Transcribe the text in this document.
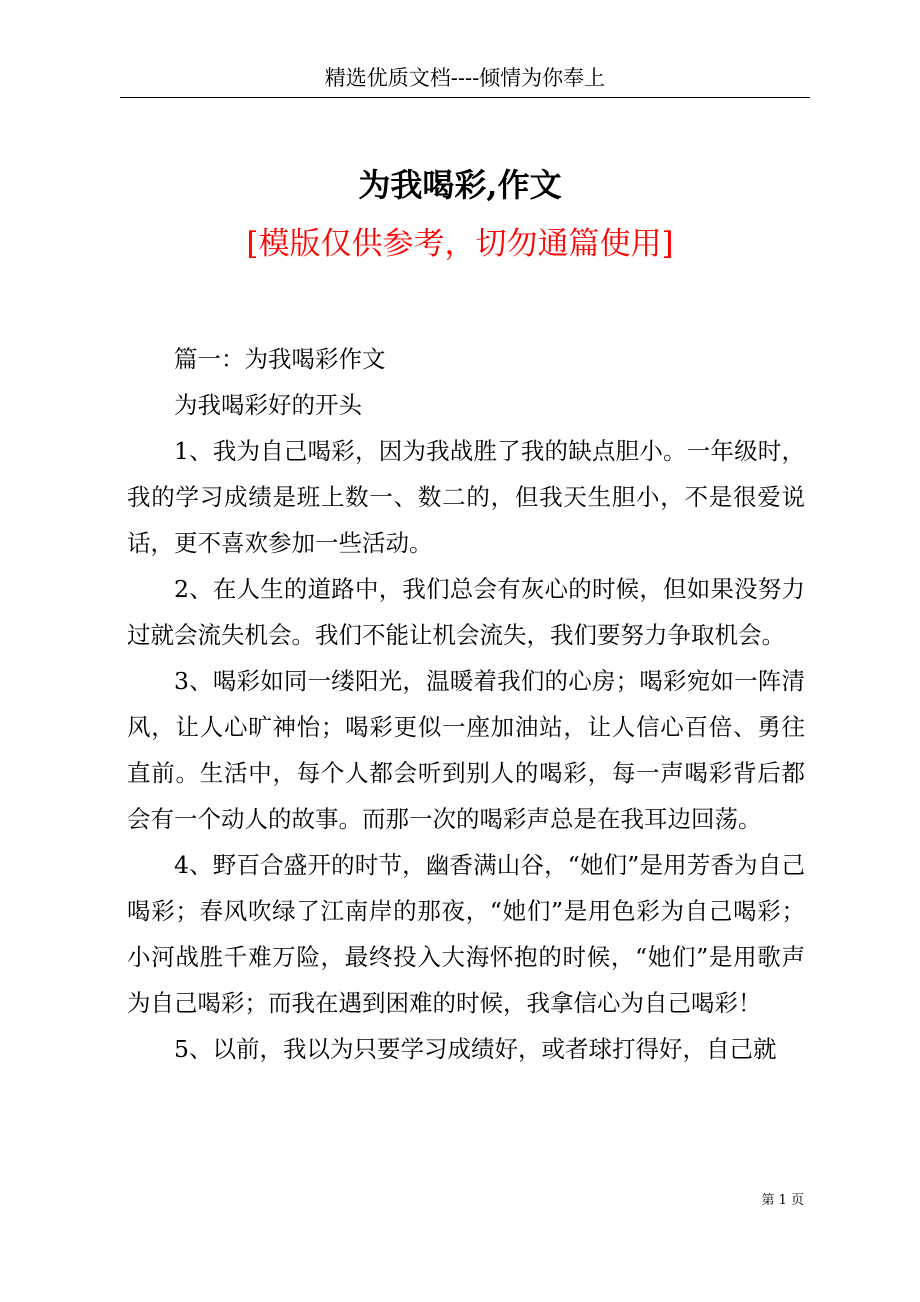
精选优质文档----倾情为你奉上
为我喝彩,作文
[模版仅供参考，切勿通篇使用]

篇一：为我喝彩作文

为我喝彩好的开头

1、我为自己喝彩，因为我战胜了我的缺点胆小。一年级时，我的学习成绩是班上数一、数二的，但我天生胆小，不是很爱说话，更不喜欢参加一些活动。

2、在人生的道路中，我们总会有灰心的时候，但如果没努力过就会流失机会。我们不能让机会流失，我们要努力争取机会。

3、喝彩如同一缕阳光，温暖着我们的心房；喝彩宛如一阵清风，让人心旷神怡；喝彩更似一座加油站，让人信心百倍、勇往直前。生活中，每个人都会听到别人的喝彩，每一声喝彩背后都会有一个动人的故事。而那一次的喝彩声总是在我耳边回荡。

4、野百合盛开的时节，幽香满山谷，“她们”是用芳香为自己喝彩；春风吹绿了江南岸的那夜，“她们”是用色彩为自己喝彩；小河战胜千难万险，最终投入大海怀抱的时候，“她们”是用歌声为自己喝彩；而我在遇到困难的时候，我拿信心为自己喝彩！

5、以前，我以为只要学习成绩好，或者球打得好，自己就

第 1 页
